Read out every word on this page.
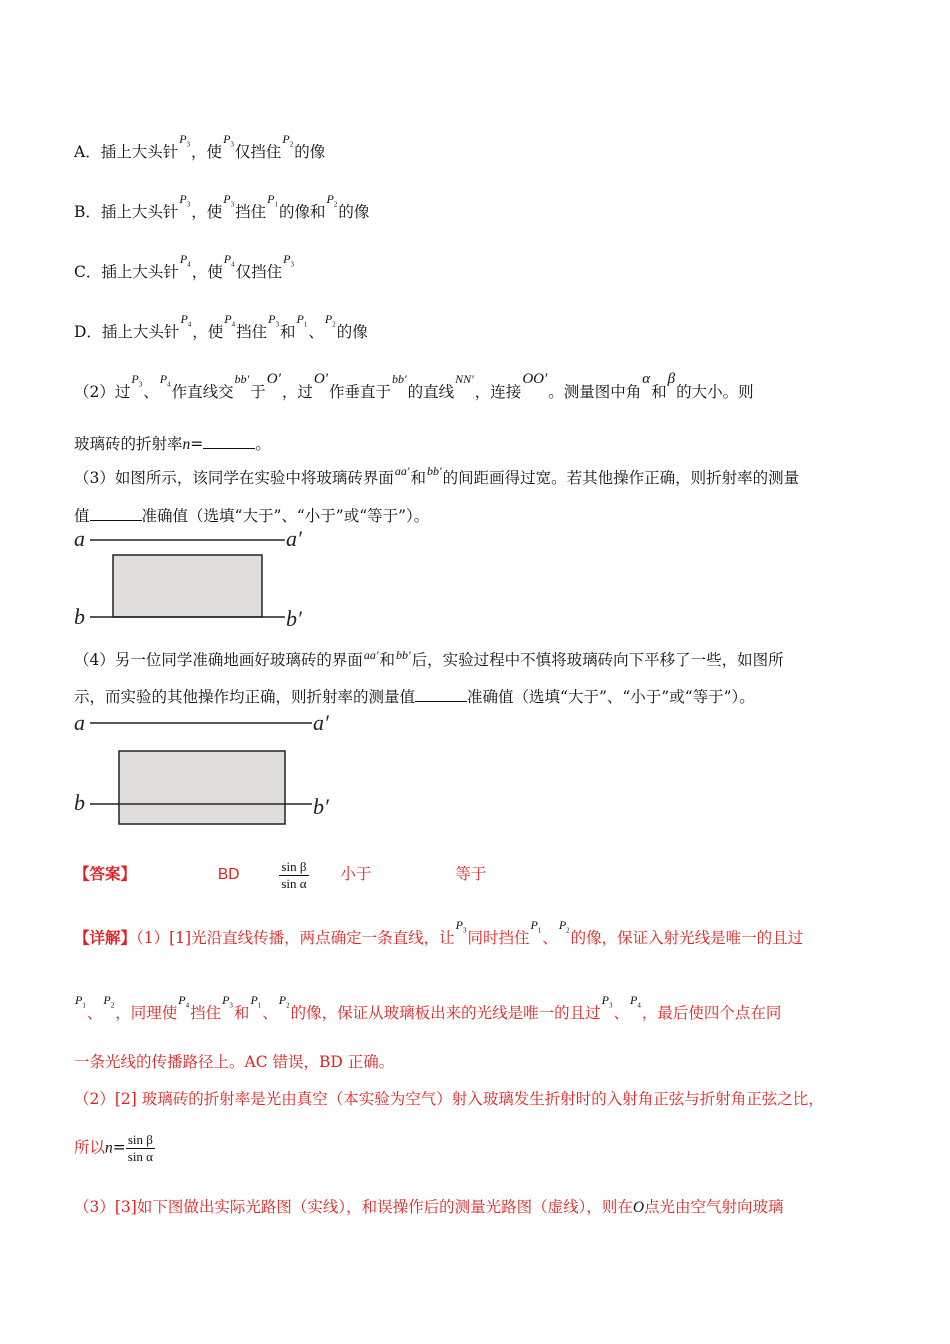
A．插上大头针$^{P_3}$，使$^{P_3}$仅挡住$^{P_2}$的像
B．插上大头针$^{P_3}$，使$^{P_3}$挡住$^{P_1}$的像和$^{P_2}$的像
C．插上大头针$^{P_4}$，使$^{P_4}$仅挡住$^{P_3}$
D．插上大头针$^{P_4}$，使$^{P_4}$挡住$^{P_3}$和$^{P_1}$、$^{P_2}$的像
（2）过$^{P_3}$、$^{P_4}$作直线交$^{bb'}$于O′，过O′作垂直于$^{bb'}$的直线$^{NN'}$，连接OO′。测量图中角α和β的大小。则
玻璃砖的折射率n=	。
（3）如图所示，该同学在实验中将玻璃砖界面$^{aa'}$和$^{bb'}$的间距画得过宽。若其他操作正确，则折射率的测量
值	准确值（选填“大于”、“小于”或“等于”）。
a	a′
b	b′
（4）另一位同学准确地画好玻璃砖的界面$^{aa'}$和$^{bb'}$后，实验过程中不慎将玻璃砖向下平移了一些，如图所
示，而实验的其他操作均正确，则折射率的测量值	准确值（选填“大于”、“小于”或“等于”）。
a	a′
b	b′
【答案】	BD	$\frac{\text{sin β}}{\text{sin α}}$ 小于	等于
【详解】（1）[1]光沿直线传播，两点确定一条直线，让$^{P_3}$同时挡住$^{P_1}$、$^{P_2}$的像，保证入射光线是唯一的且过
$^{P_1}$、$^{P_2}$，同理使$^{P_4}$挡住$^{P_3}$和$^{P_1}$、$^{P_2}$的像，保证从玻璃板出来的光线是唯一的且过$^{P_3}$、$^{P_4}$，最后使四个点在同
一条光线的传播路径上。AC 错误，BD 正确。
（2）[2] 玻璃砖的折射率是光由真空（本实验为空气）射入玻璃发生折射时的入射角正弦与折射角正弦之比，
所以$n= \frac{\text{sin β}}{\text{sin α}}$
（3）[3]如下图做出实际光路图（实线），和误操作后的测量光路图（虚线），则在O点光由空气射向玻璃
